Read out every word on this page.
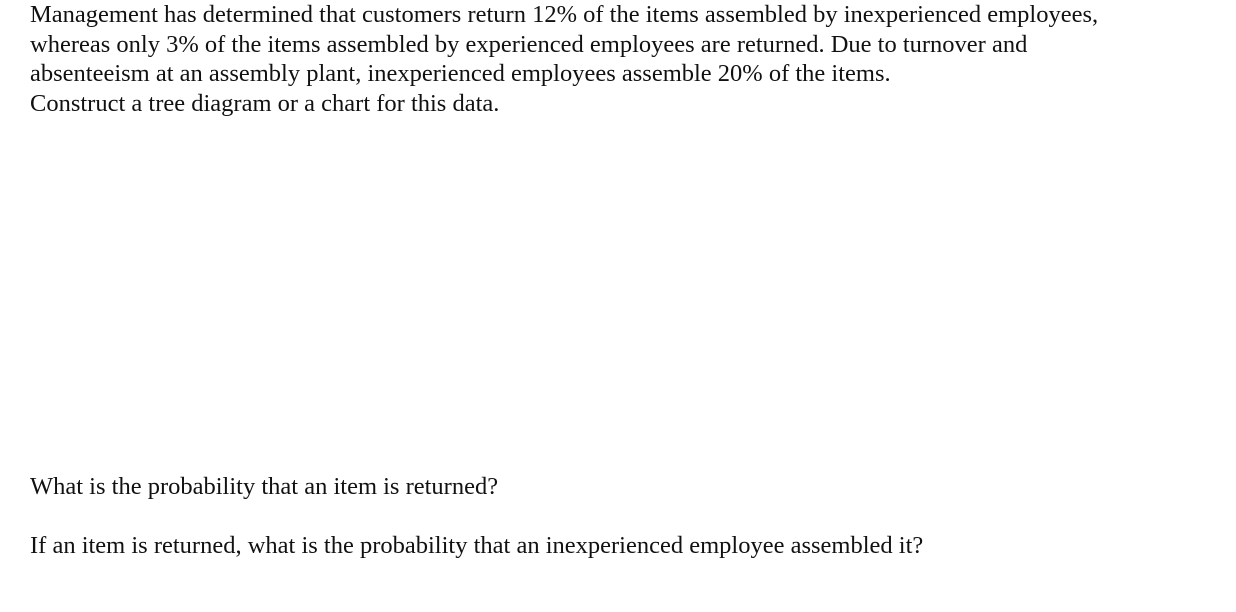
Management has determined that customers return 12% of the items assembled by inexperienced employees,
whereas only 3% of the items assembled by experienced employees are returned. Due to turnover and
absenteeism at an assembly plant, inexperienced employees assemble 20% of the items.
Construct a tree diagram or a chart for this data.
What is the probability that an item is returned?
If an item is returned, what is the probability that an inexperienced employee assembled it?
